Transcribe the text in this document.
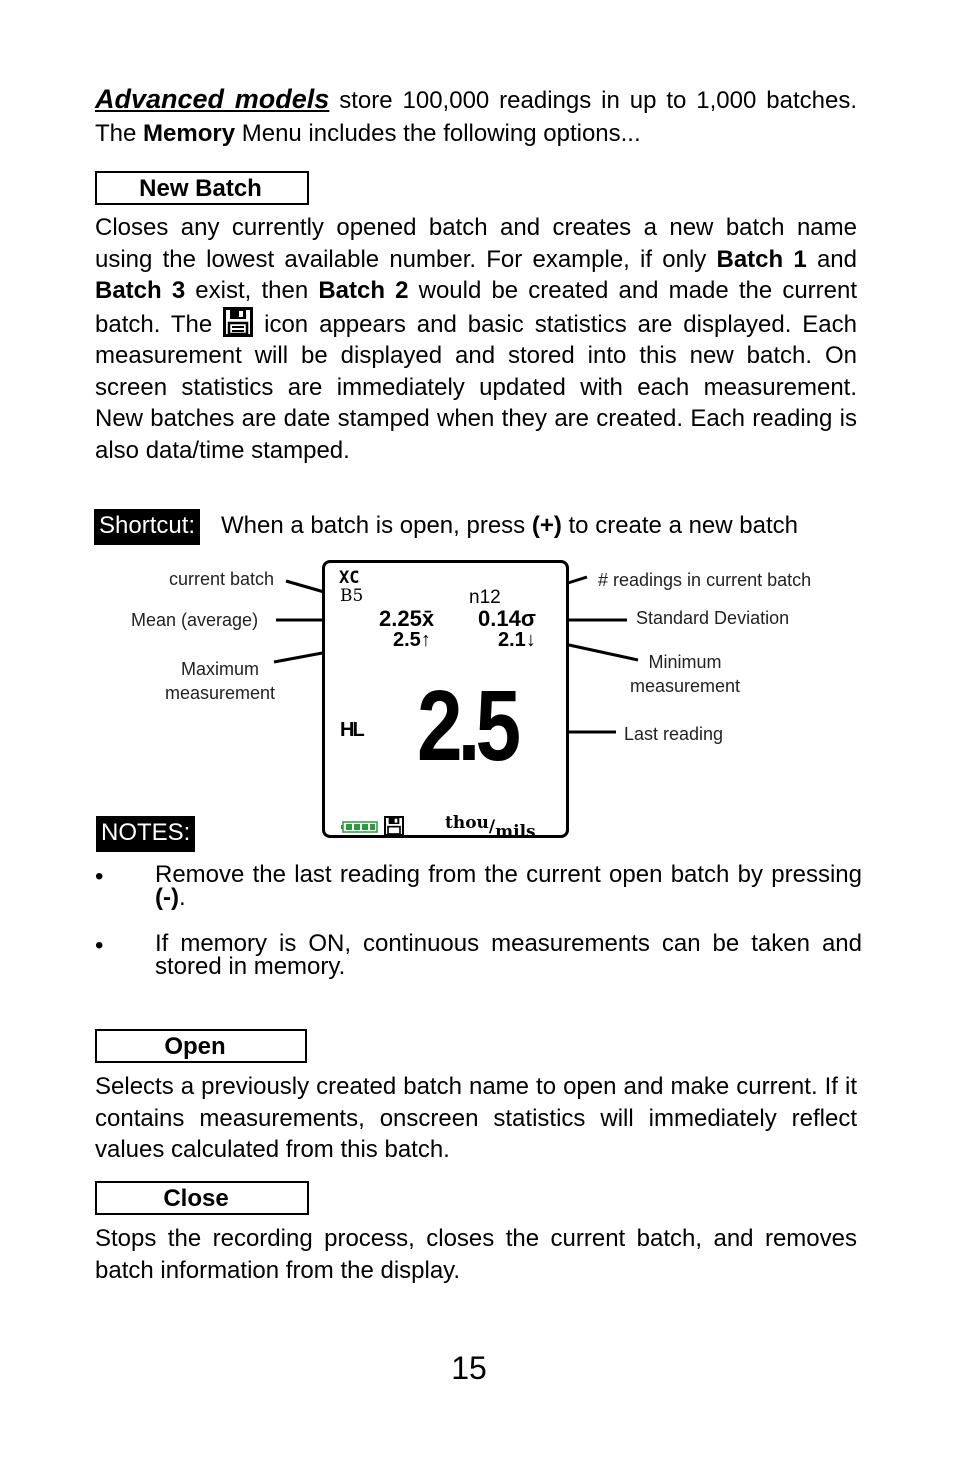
Advanced models store 100,000 readings in up to 1,000 batches. The Memory Menu includes the following options...

New Batch

Closes any currently opened batch and creates a new batch name using the lowest available number. For example, if only Batch 1 and Batch 3 exist, then Batch 2 would be created and made the current batch. The  icon appears and basic statistics are displayed. Each measurement will be displayed and stored into this new batch. On screen statistics are immediately updated with each measurement. New batches are date stamped when they are created. Each reading is also data/time stamped.

Shortcut: When a batch is open, press (+) to create a new batch
current batch
Mean (average)
Maximum
measurement
# readings in current batch
Standard Deviation
Minimum
measurement
Last reading
XC
B5	n12
2.25x̄ 0.14σ
2.5↑	2.1↓
HL 2.5
thou/mils
NOTES:
• Remove the last reading from the current open batch by pressing (-).
• If memory is ON, continuous measurements can be taken and stored in memory.
Open

Selects a previously created batch name to open and make current. If it contains measurements, onscreen statistics will immediately reflect values calculated from this batch.

Close

Stops the recording process, closes the current batch, and removes batch information from the display.

15
